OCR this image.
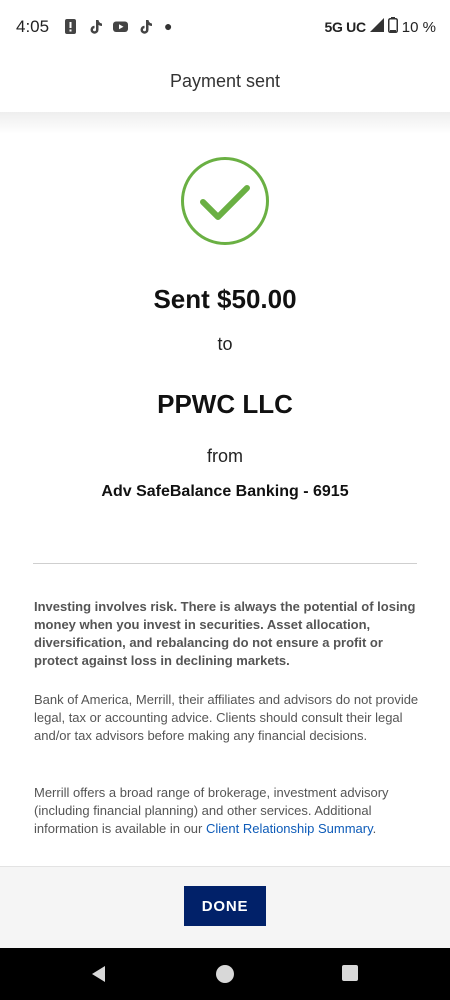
4:05	●	5G UC 10 %
Payment sent
Sent $50.00
to
PPWC LLC
from
Adv SafeBalance Banking - 6915
Investing involves risk. There is always the potential of losing money when you invest in securities. Asset allocation, diversification, and rebalancing do not ensure a profit or protect against loss in declining markets.
Bank of America, Merrill, their affiliates and advisors do not provide legal, tax or accounting advice. Clients should consult their legal and/or tax advisors before making any financial decisions.
Merrill offers a broad range of brokerage, investment advisory (including financial planning) and other services. Additional information is available in our Client Relationship Summary.
DONE
